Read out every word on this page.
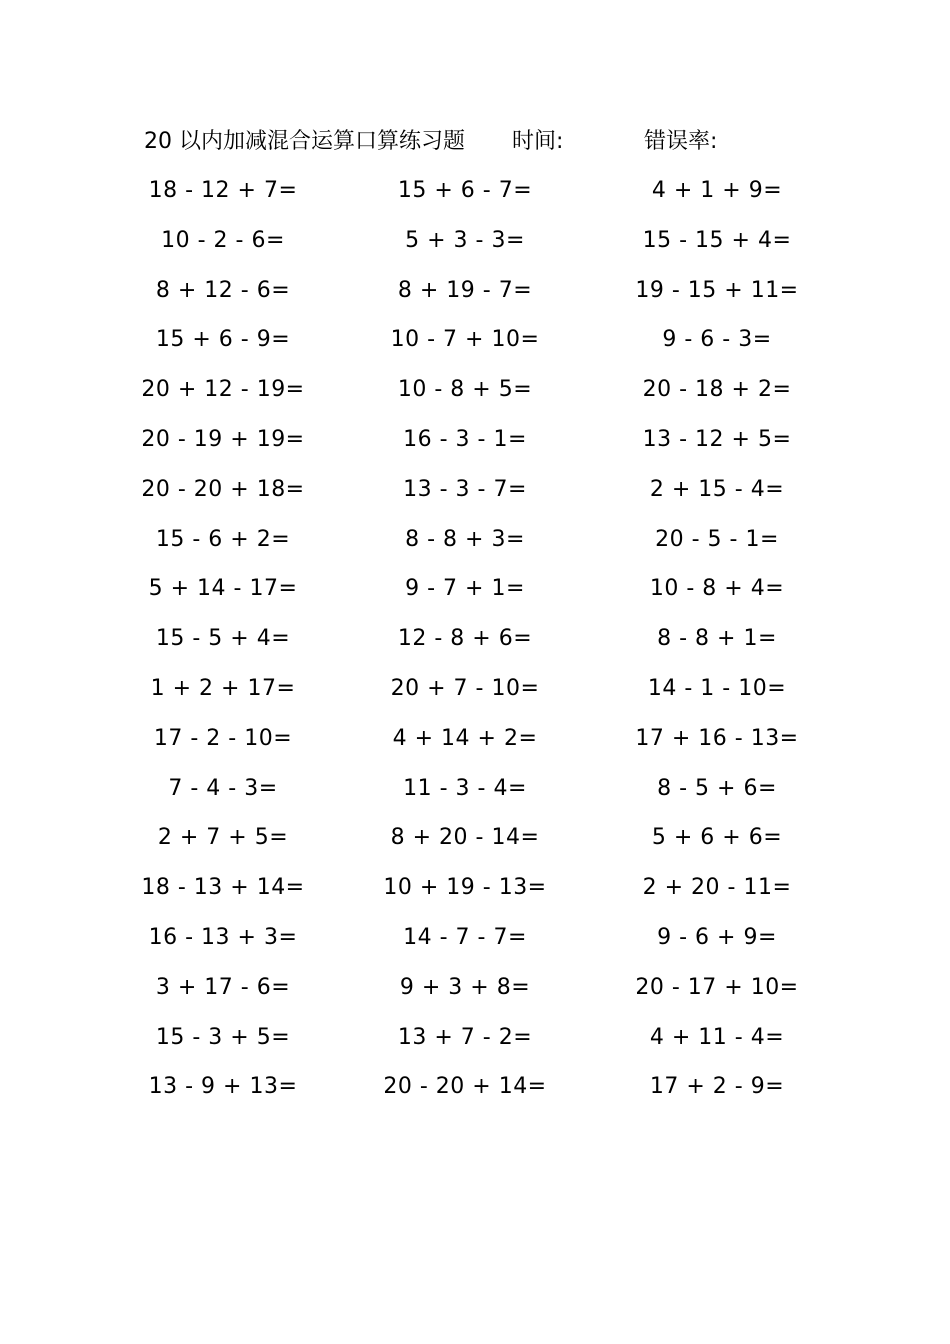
20 以内加减混合运算口算练习题 时间:	错误率:
18 - 12 + 7=	15 + 6 - 7=	4 + 1 + 9=
10 - 2 - 6=	5 + 3 - 3=	15 - 15 + 4=
8 + 12 - 6=	8 + 19 - 7=	19 - 15 + 11=
15 + 6 - 9=	10 - 7 + 10=	9 - 6 - 3=
20 + 12 - 19=	10 - 8 + 5=	20 - 18 + 2=
20 - 19 + 19=	16 - 3 - 1=	13 - 12 + 5=
20 - 20 + 18=	13 - 3 - 7=	2 + 15 - 4=
15 - 6 + 2=	8 - 8 + 3=	20 - 5 - 1=
5 + 14 - 17=	9 - 7 + 1=	10 - 8 + 4=
15 - 5 + 4=	12 - 8 + 6=	8 - 8 + 1=
1 + 2 + 17=	20 + 7 - 10=	14 - 1 - 10=
17 - 2 - 10=	4 + 14 + 2=	17 + 16 - 13=
7 - 4 - 3=	11 - 3 - 4=	8 - 5 + 6=
2 + 7 + 5=	8 + 20 - 14=	5 + 6 + 6=
18 - 13 + 14=	10 + 19 - 13=	2 + 20 - 11=
16 - 13 + 3=	14 - 7 - 7=	9 - 6 + 9=
3 + 17 - 6=	9 + 3 + 8=	20 - 17 + 10=
15 - 3 + 5=	13 + 7 - 2=	4 + 11 - 4=
13 - 9 + 13=	20 - 20 + 14=	17 + 2 - 9=
